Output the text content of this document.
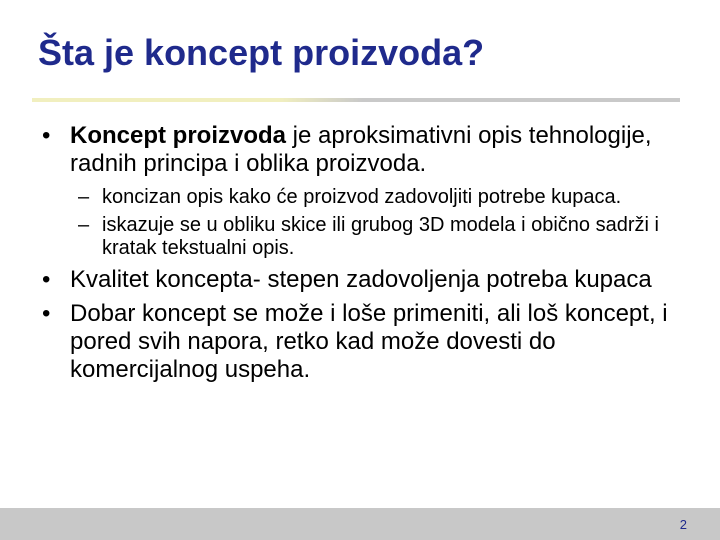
Šta je koncept proizvoda?
• Koncept proizvoda je aproksimativni opis tehnologije, radnih principa i oblika proizvoda.
– koncizan opis kako će proizvod zadovoljiti potrebe kupaca.
– iskazuje se u obliku skice ili grubog 3D modela i obično sadrži i kratak tekstualni opis.
• Kvalitet koncepta- stepen zadovoljenja potreba kupaca
• Dobar koncept se može i loše primeniti, ali loš koncept, i pored svih napora, retko kad može dovesti do komercijalnog uspeha.
2
